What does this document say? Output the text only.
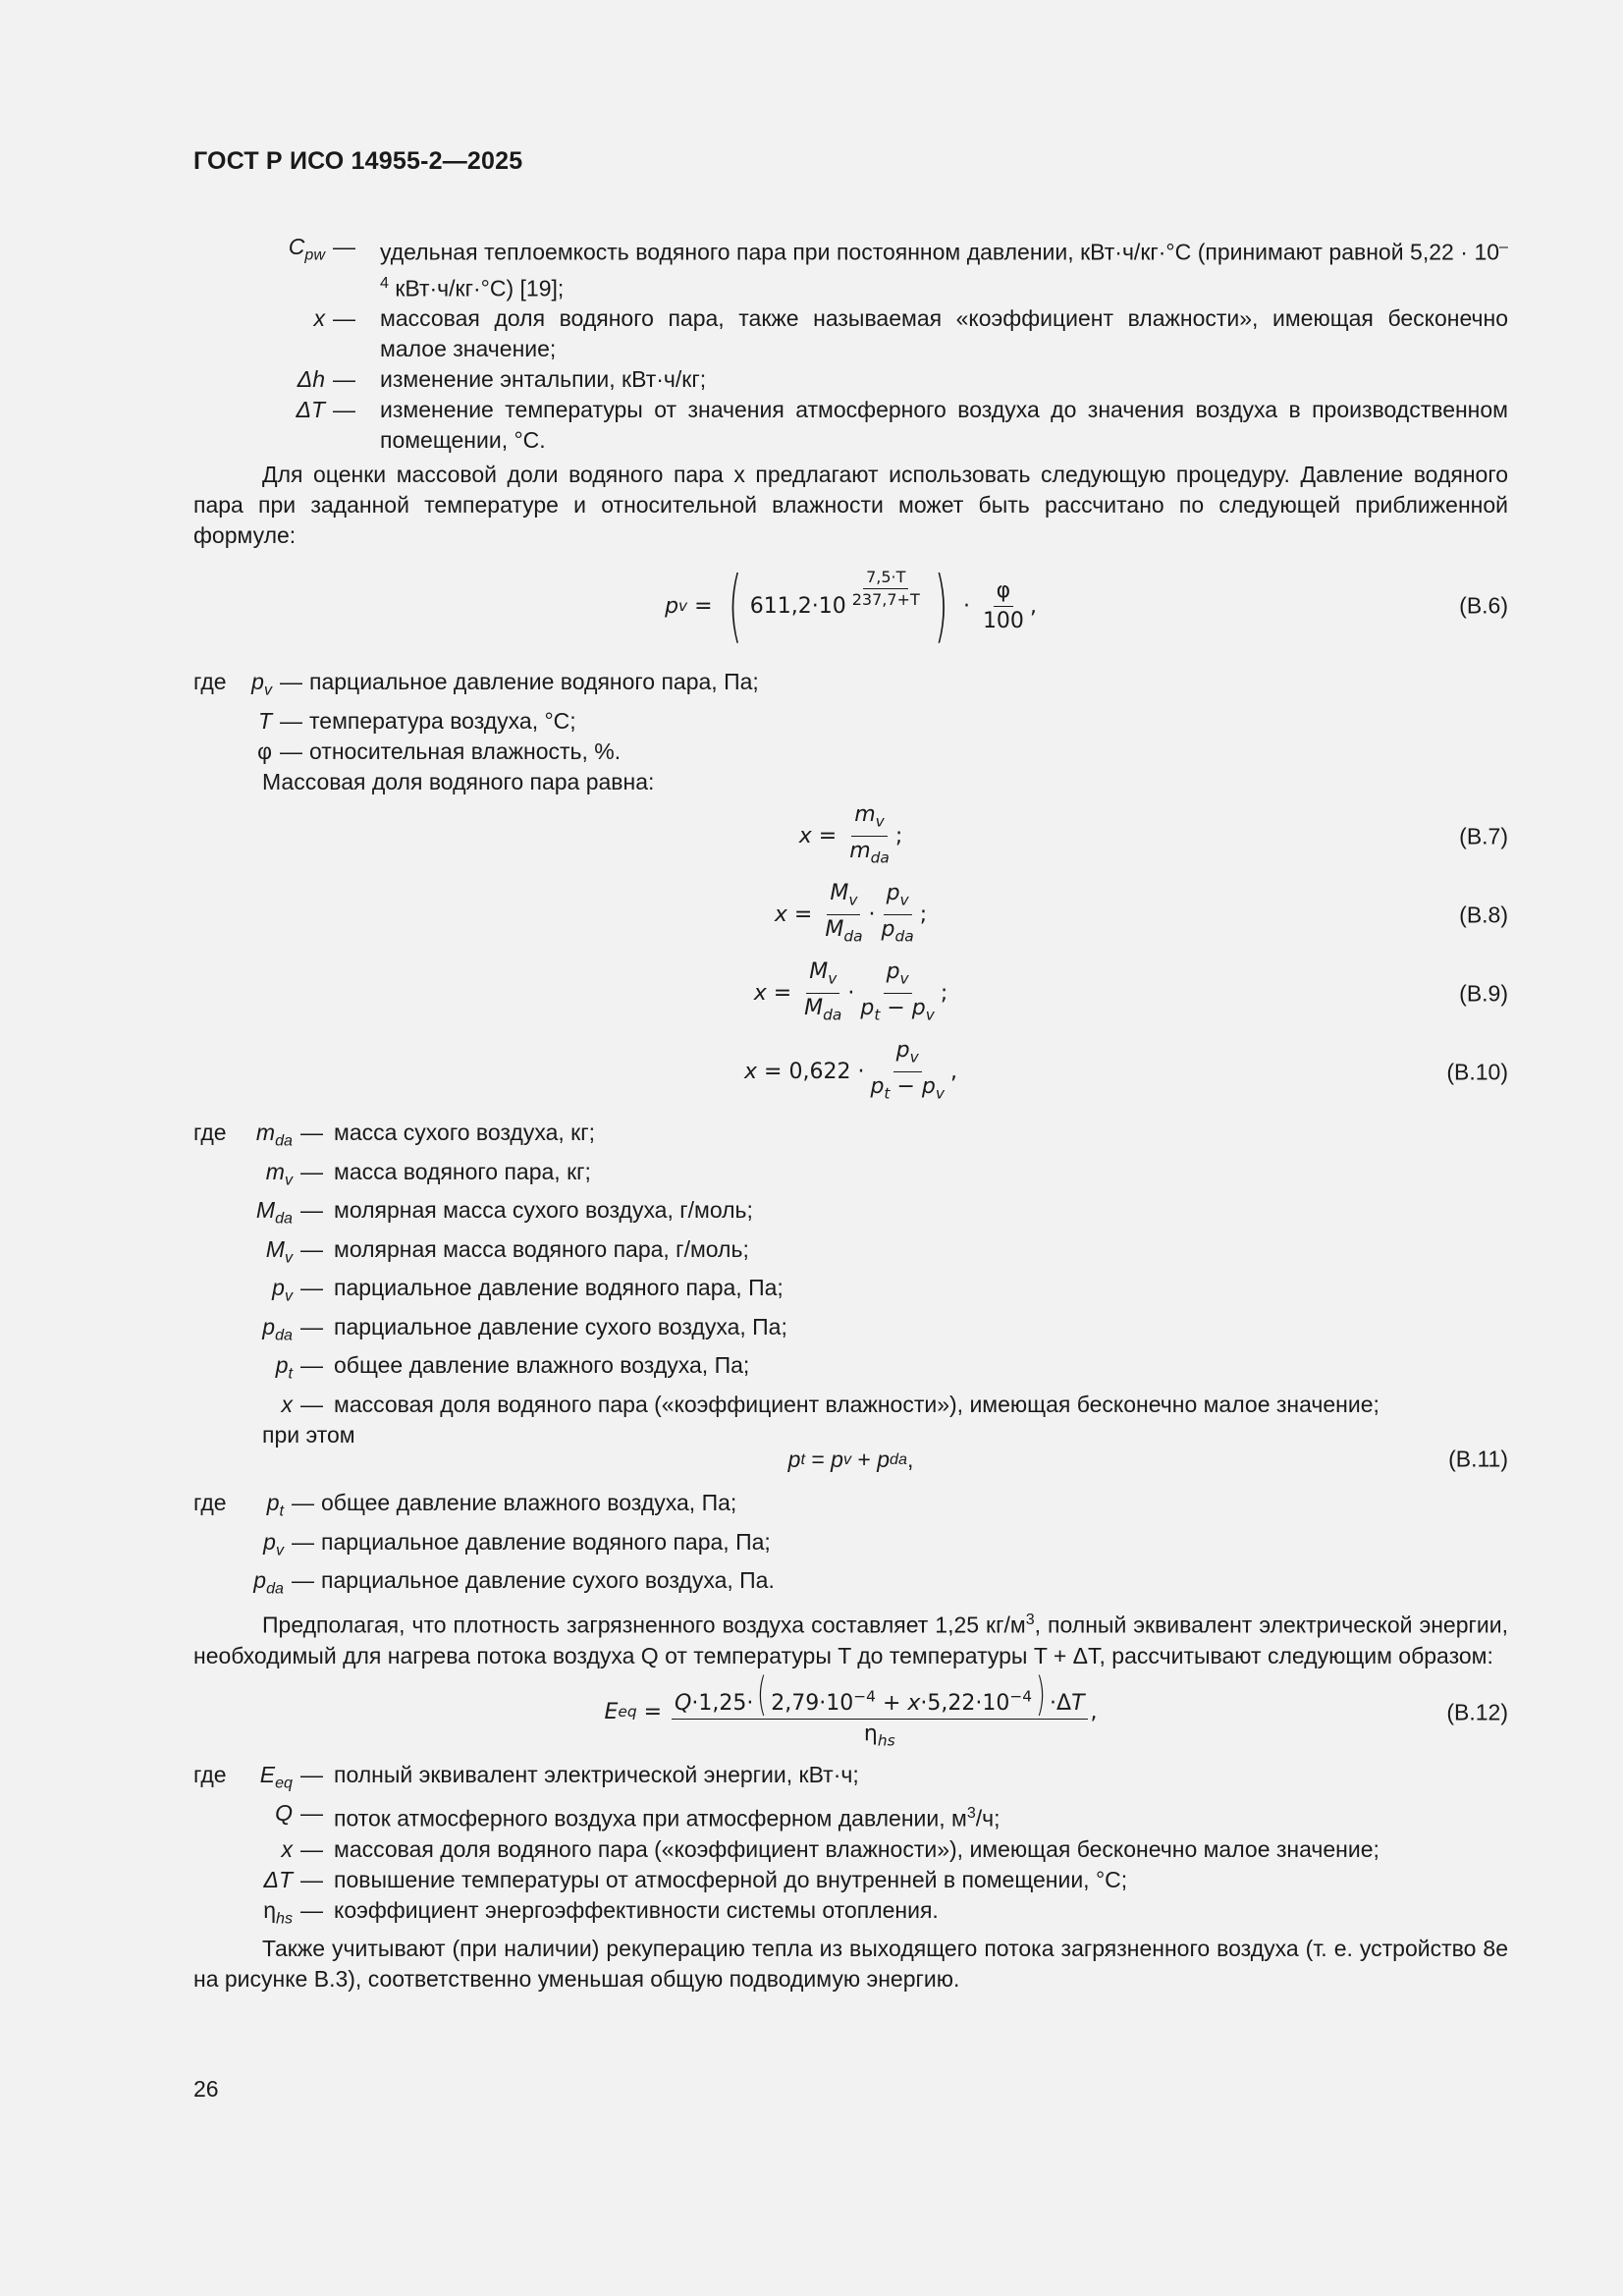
ГОСТ Р ИСО 14955-2—2025
$C_{pw}$ —	удельная теплоемкость водяного пара при постоянном давлении, кВт·ч/кг·°С (принимают равной $5,22 \cdot 10^{-4}$ кВт·ч/кг·°С) [19];
x —	массовая доля водяного пара, также называемая «коэффициент влажности», имеющая бесконечно малое значение;
Δh —	изменение энтальпии, кВт·ч/кг;
ΔT —	изменение температуры от значения атмосферного воздуха до значения воздуха в производственном помещении, °С.

Для оценки массовой доли водяного пара x предлагают использовать следующую процедуру. Давление водяного пара при заданной температуре и относительной влажности может быть рассчитано по следующей приближенной формуле:

p v = ( 611,2·10 $^{\frac{7,5\cdot T}{237,7+T}}$ ) · $\frac{\varphi}{100}$ ,	(В.6)
где	$p_v$ — парциальное давление водяного пара, Па;
T — температура воздуха, °С;
φ — относительная влажность, %.

Массовая доля водяного пара равна:

$x = \frac{m_v}{m_{da}}$ ;	(В.7)
$x = \frac{M_v}{M_{da}} \cdot \frac{p_v}{p_{da}}$ ;	(В.8)
$x = \frac{M_v}{M_{da}} \cdot \frac{p_v}{p_t - p_v}$ ;	(В.9)
$x = 0,622 \cdot \frac{p_v}{p_t - p_v}$ ,	(В.10)
где	$m_{da}$ — масса сухого воздуха, кг;
$m_v$ — масса водяного пара, кг;
$M_{da}$ — молярная масса сухого воздуха, г/моль;
$M_v$ — молярная масса водяного пара, г/моль;
$p_v$ — парциальное давление водяного пара, Па;
$p_{da}$ — парциальное давление сухого воздуха, Па;
$p_t$ — общее давление влажного воздуха, Па;
x — массовая доля водяного пара («коэффициент влажности»), имеющая бесконечно малое значение;

при этом

p t = p v + p da ,	(В.11)
где	$p_t$ — общее давление влажного воздуха, Па;
$p_v$ — парциальное давление водяного пара, Па;
$p_{da}$ — парциальное давление сухого воздуха, Па.

Предполагая, что плотность загрязненного воздуха составляет 1,25 $кг/м^3$, полный эквивалент электрической энергии, необходимый для нагрева потока воздуха Q от температуры T до температуры T + ΔT, рассчитывают следующим образом:

E eq = $\frac{Q\cdot 1,25\cdot( 2,79\cdot 10^{-4} + x\cdot 5,22\cdot 10^{-4}) \cdot\Delta T}{\eta_{hs}}$ ,	(В.12)
где	$E_{eq}$ — полный эквивалент электрической энергии, кВт·ч;
Q — поток атмосферного воздуха при атмосферном давлении, $м^3/ч$;
x — массовая доля водяного пара («коэффициент влажности»), имеющая бесконечно малое значение;
ΔT — повышение температуры от атмосферной до внутренней в помещении, °С;
$\eta_{hs}$ — коэффициент энергоэффективности системы отопления.

Также учитывают (при наличии) рекуперацию тепла из выходящего потока загрязненного воздуха (т. е. устройство 8е на рисунке В.3), соответственно уменьшая общую подводимую энергию.

26
